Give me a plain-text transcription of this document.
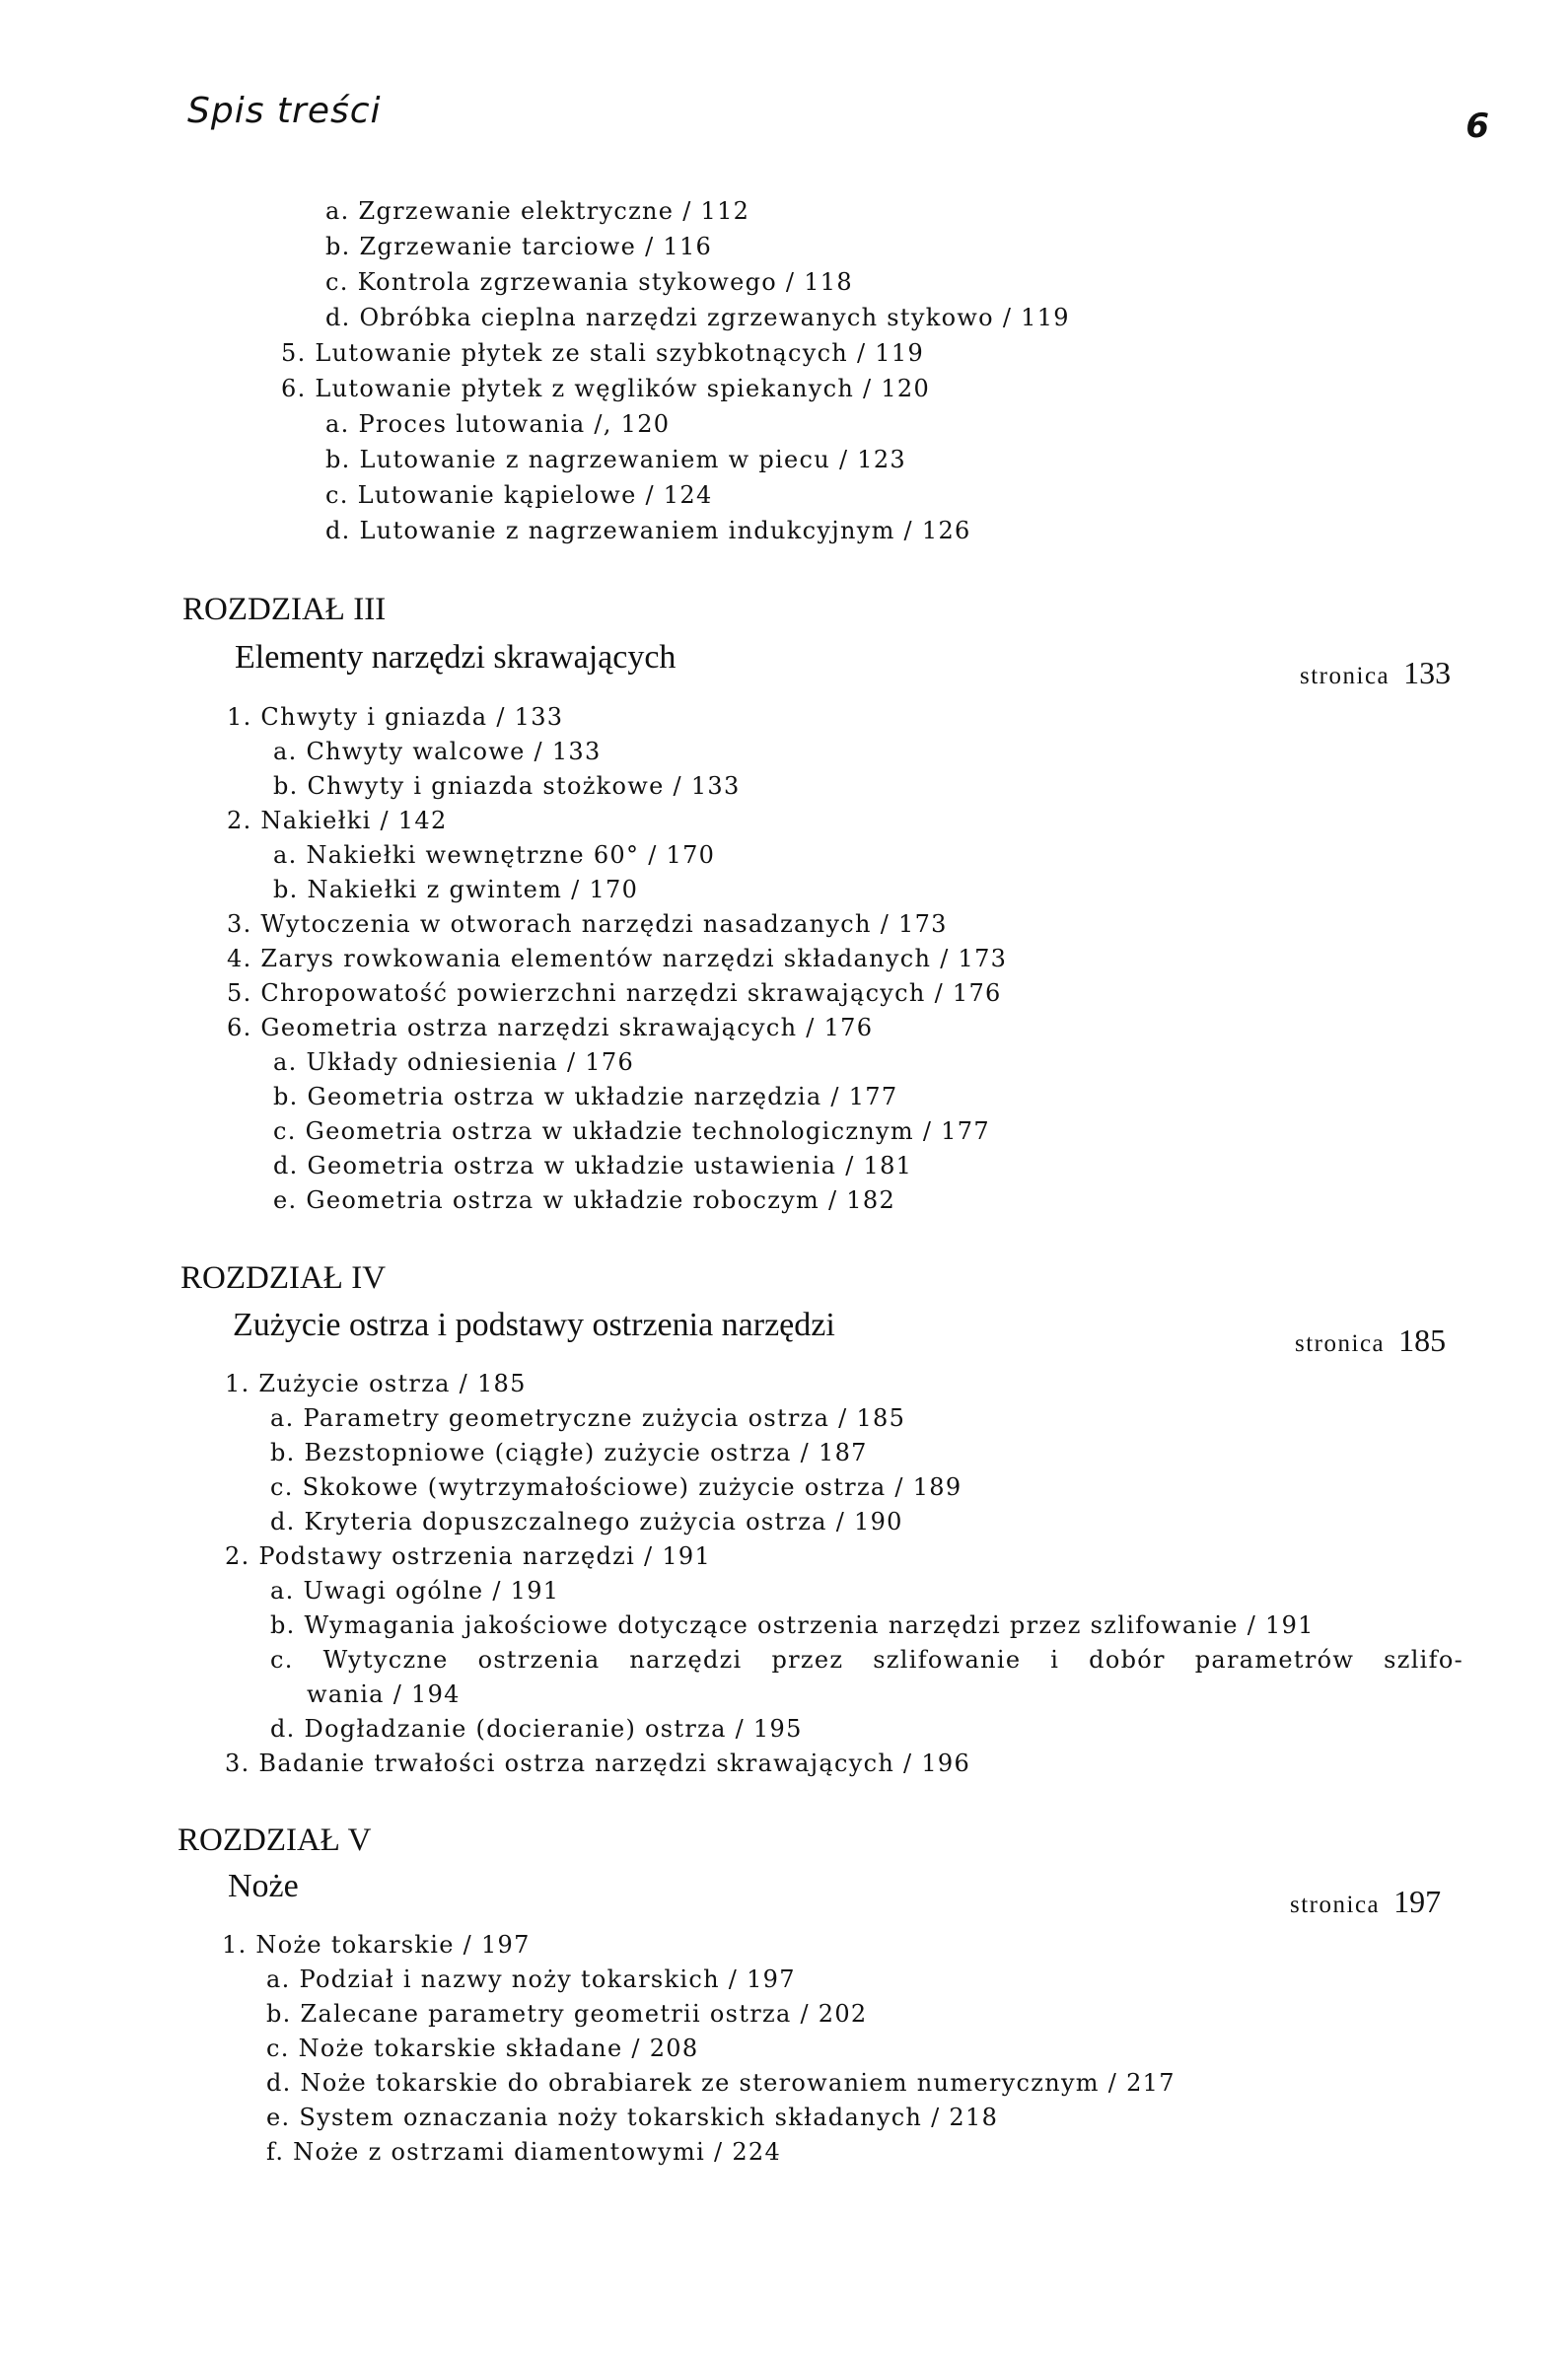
Spis treści	6
a. Zgrzewanie elektryczne / 112
b. Zgrzewanie tarciowe / 116
c. Kontrola zgrzewania stykowego / 118
d. Obróbka cieplna narzędzi zgrzewanych stykowo / 119
5. Lutowanie płytek ze stali szybkotnących / 119
6. Lutowanie płytek z węglików spiekanych / 120
a. Proces lutowania /, 120
b. Lutowanie z nagrzewaniem w piecu / 123
c. Lutowanie kąpielowe / 124
d. Lutowanie z nagrzewaniem indukcyjnym / 126
ROZDZIAŁ III
Elementy narzędzi skrawających
stronica 133
1. Chwyty i gniazda / 133
a. Chwyty walcowe / 133
b. Chwyty i gniazda stożkowe / 133
2. Nakiełki / 142
a. Nakiełki wewnętrzne 60° / 170
b. Nakiełki z gwintem / 170
3. Wytoczenia w otworach narzędzi nasadzanych / 173
4. Zarys rowkowania elementów narzędzi składanych / 173
5. Chropowatość powierzchni narzędzi skrawających / 176
6. Geometria ostrza narzędzi skrawających / 176
a. Układy odniesienia / 176
b. Geometria ostrza w układzie narzędzia / 177
c. Geometria ostrza w układzie technologicznym / 177
d. Geometria ostrza w układzie ustawienia / 181
e. Geometria ostrza w układzie roboczym / 182
ROZDZIAŁ IV
Zużycie ostrza i podstawy ostrzenia narzędzi
stronica 185
1. Zużycie ostrza / 185
a. Parametry geometryczne zużycia ostrza / 185
b. Bezstopniowe (ciągłe) zużycie ostrza / 187
c. Skokowe (wytrzymałościowe) zużycie ostrza / 189
d. Kryteria dopuszczalnego zużycia ostrza / 190
2. Podstawy ostrzenia narzędzi / 191
a. Uwagi ogólne / 191
b. Wymagania jakościowe dotyczące ostrzenia narzędzi przez szlifowanie / 191
c. Wytyczne ostrzenia narzędzi przez szlifowanie i dobór parametrów szlifo-
wania / 194
d. Dogładzanie (docieranie) ostrza / 195
3. Badanie trwałości ostrza narzędzi skrawających / 196
ROZDZIAŁ V
Noże
stronica 197
1. Noże tokarskie / 197
a. Podział i nazwy noży tokarskich / 197
b. Zalecane parametry geometrii ostrza / 202
c. Noże tokarskie składane / 208
d. Noże tokarskie do obrabiarek ze sterowaniem numerycznym / 217
e. System oznaczania noży tokarskich składanych / 218
f. Noże z ostrzami diamentowymi / 224
